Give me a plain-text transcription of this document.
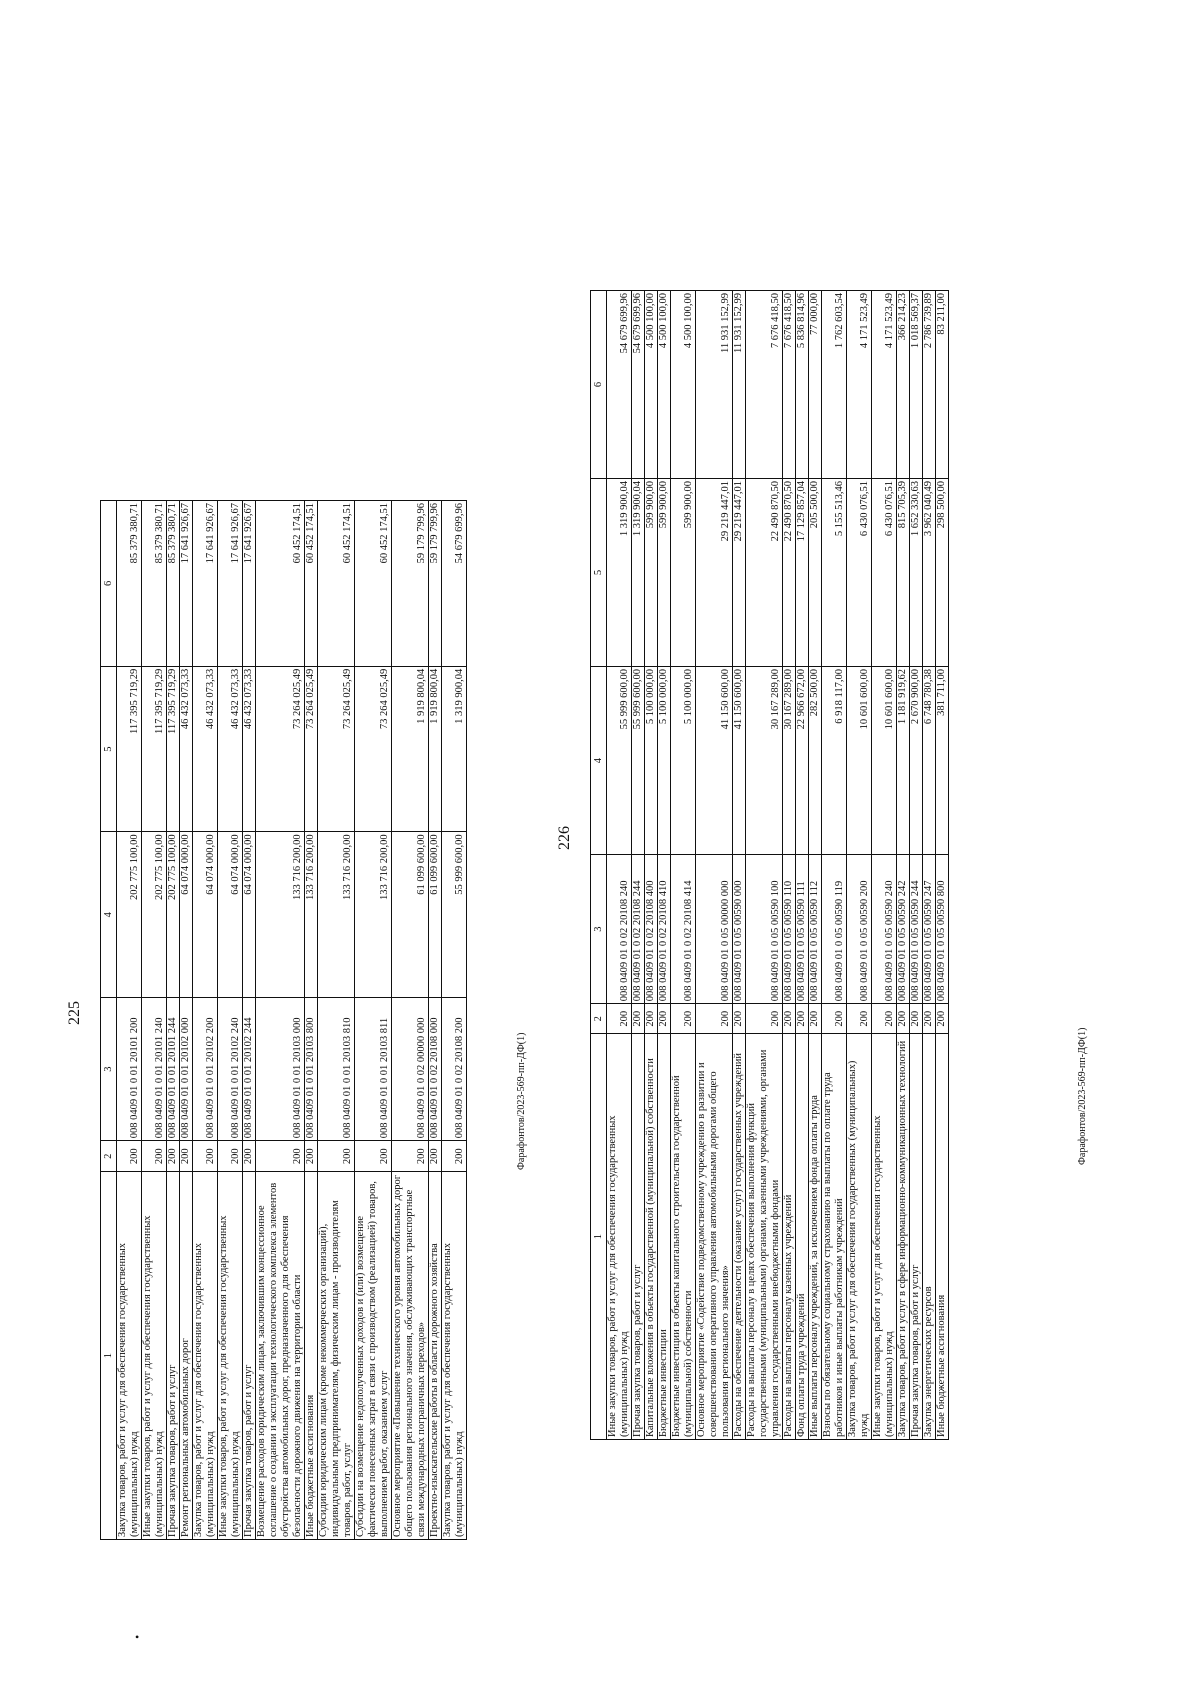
•
225
1	2	3	4	5	6
Закупка товаров, работ и услуг для обеспечения государственных (муниципальных) нужд	200	008 0409 01 0 01 20101 200	202 775 100,00	117 395 719,29	85 379 380,71
Иные закупки товаров, работ и услуг для обеспечения государственных (муниципальных) нужд	200	008 0409 01 0 01 20101 240	202 775 100,00	117 395 719,29	85 379 380,71
Прочая закупка товаров, работ и услуг	200	008 0409 01 0 01 20101 244	202 775 100,00	117 395 719,29	85 379 380,71
Ремонт региональных автомобильных дорог	200	008 0409 01 0 01 20102 000	64 074 000,00	46 432 073,33	17 641 926,67
Закупка товаров, работ и услуг для обеспечения государственных (муниципальных) нужд	200	008 0409 01 0 01 20102 200	64 074 000,00	46 432 073,33	17 641 926,67
Иные закупки товаров, работ и услуг для обеспечения государственных (муниципальных) нужд	200	008 0409 01 0 01 20102 240	64 074 000,00	46 432 073,33	17 641 926,67
Прочая закупка товаров, работ и услуг	200	008 0409 01 0 01 20102 244	64 074 000,00	46 432 073,33	17 641 926,67
Возмещение расходов юридическим лицам, заключившим концессионное соглашение о создании и эксплуатации технологического комплекса элементов обустройства автомобильных дорог, предназначенного для обеспечения безопасности дорожного движения на территории области	200	008 0409 01 0 01 20103 000	133 716 200,00	73 264 025,49	60 452 174,51
Иные бюджетные ассигнования	200	008 0409 01 0 01 20103 800	133 716 200,00	73 264 025,49	60 452 174,51
Субсидии юридическим лицам (кроме некоммерческих организаций), индивидуальным предпринимателям, физическим лицам - производителям товаров, работ, услуг	200	008 0409 01 0 01 20103 810	133 716 200,00	73 264 025,49	60 452 174,51
Субсидии на возмещение недополученных доходов и (или) возмещение фактически понесенных затрат в связи с производством (реализацией) товаров, выполнением работ, оказанием услуг	200	008 0409 01 0 01 20103 811	133 716 200,00	73 264 025,49	60 452 174,51
Основное мероприятие «Повышение технического уровня автомобильных дорог общего пользования регионального значения, обслуживающих транспортные связи международных пограничных переходов»	200	008 0409 01 0 02 00000 000	61 099 600,00	1 919 800,04	59 179 799,96
Проектно-изыскательские работы в области дорожного хозяйства	200	008 0409 01 0 02 20108 000	61 099 600,00	1 919 800,04	59 179 799,96
Закупка товаров, работ и услуг для обеспечения государственных (муниципальных) нужд	200	008 0409 01 0 02 20108 200	55 999 600,00	1 319 900,04	54 679 699,96
226
1	2	3	4	5	6
Иные закупки товаров, работ и услуг для обеспечения государственных (муниципальных) нужд	200	008 0409 01 0 02 20108 240	55 999 600,00	1 319 900,04	54 679 699,96
Прочая закупка товаров, работ и услуг	200	008 0409 01 0 02 20108 244	55 999 600,00	1 319 900,04	54 679 699,96
Капитальные вложения в объекты государственной (муниципальной) собственности	200	008 0409 01 0 02 20108 400	5 100 000,00	599 900,00	4 500 100,00
Бюджетные инвестиции	200	008 0409 01 0 02 20108 410	5 100 000,00	599 900,00	4 500 100,00
Бюджетные инвестиции в объекты капитального строительства государственной (муниципальной) собственности	200	008 0409 01 0 02 20108 414	5 100 000,00	599 900,00	4 500 100,00
Основное мероприятие «Содействие подведомственному учреждению в развитии и совершенствовании оперативного управления автомобильными дорогами общего пользования регионального значения»	200	008 0409 01 0 05 00000 000	41 150 600,00	29 219 447,01	11 931 152,99
Расходы на обеспечение деятельности (оказание услуг) государственных учреждений	200	008 0409 01 0 05 00590 000	41 150 600,00	29 219 447,01	11 931 152,99
Расходы на выплаты персоналу в целях обеспечения выполнения функций государственными (муниципальными) органами, казенными учреждениями, органами управления государственными внебюджетными фондами	200	008 0409 01 0 05 00590 100	30 167 289,00	22 490 870,50	7 676 418,50
Расходы на выплаты персоналу казенных учреждений	200	008 0409 01 0 05 00590 110	30 167 289,00	22 490 870,50	7 676 418,50
Фонд оплаты труда учреждений	200	008 0409 01 0 05 00590 111	22 966 672,00	17 129 857,04	5 836 814,96
Иные выплаты персоналу учреждений, за исключением фонда оплаты труда	200	008 0409 01 0 05 00590 112	282 500,00	205 500,00	77 000,00
Взносы по обязательному социальному страхованию на выплаты по оплате труда работников и иные выплаты работникам учреждений	200	008 0409 01 0 05 00590 119	6 918 117,00	5 155 513,46	1 762 603,54
Закупка товаров, работ и услуг для обеспечения государственных (муниципальных) нужд	200	008 0409 01 0 05 00590 200	10 601 600,00	6 430 076,51	4 171 523,49
Иные закупки товаров, работ и услуг для обеспечения государственных (муниципальных) нужд	200	008 0409 01 0 05 00590 240	10 601 600,00	6 430 076,51	4 171 523,49
Закупка товаров, работ и услуг в сфере информационно-коммуникационных технологий	200	008 0409 01 0 05 00590 242	1 181 919,62	815 705,39	366 214,23
Прочая закупка товаров, работ и услуг	200	008 0409 01 0 05 00590 244	2 670 900,00	1 652 330,63	1 018 569,37
Закупка энергетических ресурсов	200	008 0409 01 0 05 00590 247	6 748 780,38	3 962 040,49	2 786 739,89
Иные бюджетные ассигнования	200	008 0409 01 0 05 00590 800	381 711,00	298 500,00	83 211,00
Фарафонтов/2023-569-пп-ДФ(1)	Фарафонтов/2023-569-пп-ДФ(1)
